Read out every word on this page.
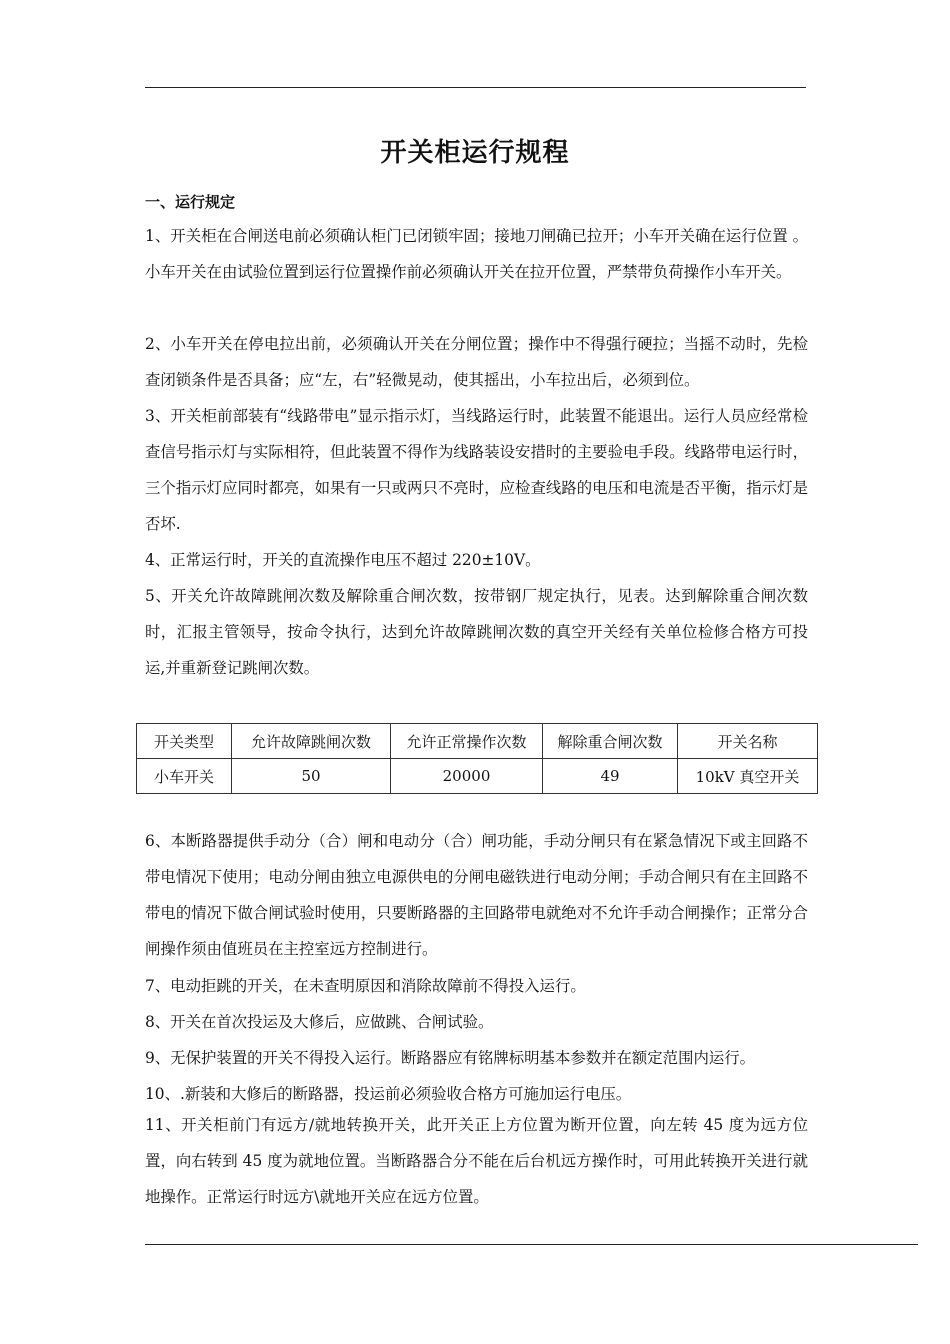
开关柜运行规程
一、运行规定

1、开关柜在合闸送电前必须确认柜门已闭锁牢固；接地刀闸确已拉开；小车开关确在运行位置 。小车开关在由试验位置到运行位置操作前必须确认开关在拉开位置，严禁带负荷操作小车开关。

2、小车开关在停电拉出前，必须确认开关在分闸位置；操作中不得强行硬拉；当摇不动时，先检查闭锁条件是否具备；应“左，右”轻微晃动，使其摇出，小车拉出后，必须到位。

3、开关柜前部装有“线路带电”显示指示灯，当线路运行时，此装置不能退出。运行人员应经常检查信号指示灯与实际相符，但此装置不得作为线路装设安措时的主要验电手段。线路带电运行时，三个指示灯应同时都亮，如果有一只或两只不亮时，应检查线路的电压和电流是否平衡，指示灯是否坏.

4、正常运行时，开关的直流操作电压不超过 220±10V。

5、开关允许故障跳闸次数及解除重合闸次数，按带钢厂规定执行，见表。达到解除重合闸次数时，汇报主管领导，按命令执行，达到允许故障跳闸次数的真空开关经有关单位检修合格方可投运,并重新登记跳闸次数。

开关类型	允许故障跳闸次数	允许正常操作次数	解除重合闸次数	开关名称
小车开关	50	20000	49	10kV 真空开关

6、本断路器提供手动分（合）闸和电动分（合）闸功能，手动分闸只有在紧急情况下或主回路不带电情况下使用；电动分闸由独立电源供电的分闸电磁铁进行电动分闸；手动合闸只有在主回路不带电的情况下做合闸试验时使用，只要断路器的主回路带电就绝对不允许手动合闸操作；正常分合闸操作须由值班员在主控室远方控制进行。

7、电动拒跳的开关，在未查明原因和消除故障前不得投入运行。

8、开关在首次投运及大修后，应做跳、合闸试验。

9、无保护装置的开关不得投入运行。断路器应有铭牌标明基本参数并在额定范围内运行。

10、.新装和大修后的断路器，投运前必须验收合格方可施加运行电压。

11、开关柜前门有远方/就地转换开关，此开关正上方位置为断开位置，向左转 45 度为远方位置，向右转到 45 度为就地位置。当断路器合分不能在后台机远方操作时，可用此转换开关进行就地操作。正常运行时远方\就地开关应在远方位置。
